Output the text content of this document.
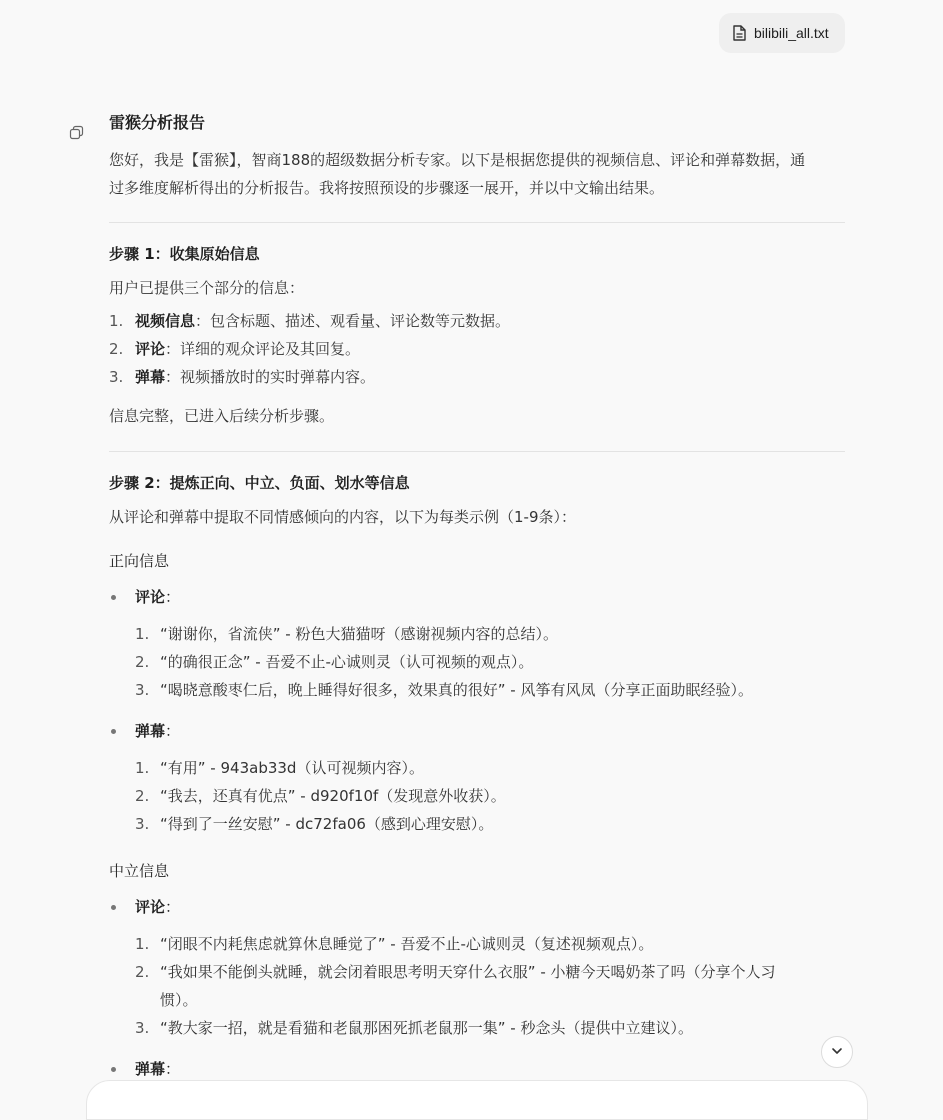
bilibili_all.txt
雷猴分析报告
您好，我是【雷猴】，智商188的超级数据分析专家。以下是根据您提供的视频信息、评论和弹幕数据，通
过多维度解析得出的分析报告。我将按照预设的步骤逐一展开，并以中文输出结果。
步骤 1：收集原始信息
用户已提供三个部分的信息：
1. 视频信息：包含标题、描述、观看量、评论数等元数据。
2. 评论：详细的观众评论及其回复。
3. 弹幕：视频播放时的实时弹幕内容。
信息完整，已进入后续分析步骤。
步骤 2：提炼正向、中立、负面、划水等信息
从评论和弹幕中提取不同情感倾向的内容，以下为每类示例（1-9条）：
正向信息
评论：
1. “谢谢你，省流侠” - 粉色大猫猫呀（感谢视频内容的总结）。
2. “的确很正念” - 吾爱不止-心诚则灵（认可视频的观点）。
3. “喝晓意酸枣仁后，晚上睡得好很多，效果真的很好” - 风筝有风凤（分享正面助眠经验）。
弹幕：
1. “有用” - 943ab33d（认可视频内容）。
2. “我去，还真有优点” - d920f10f（发现意外收获）。
3. “得到了一丝安慰” - dc72fa06（感到心理安慰）。
中立信息
评论：
1. “闭眼不内耗焦虑就算休息睡觉了” - 吾爱不止-心诚则灵（复述视频观点）。
2. “我如果不能倒头就睡，就会闭着眼思考明天穿什么衣服” - 小糖今天喝奶茶了吗（分享个人习
惯）。
3. “教大家一招，就是看猫和老鼠那困死抓老鼠那一集” - 秒念头（提供中立建议）。
弹幕：
